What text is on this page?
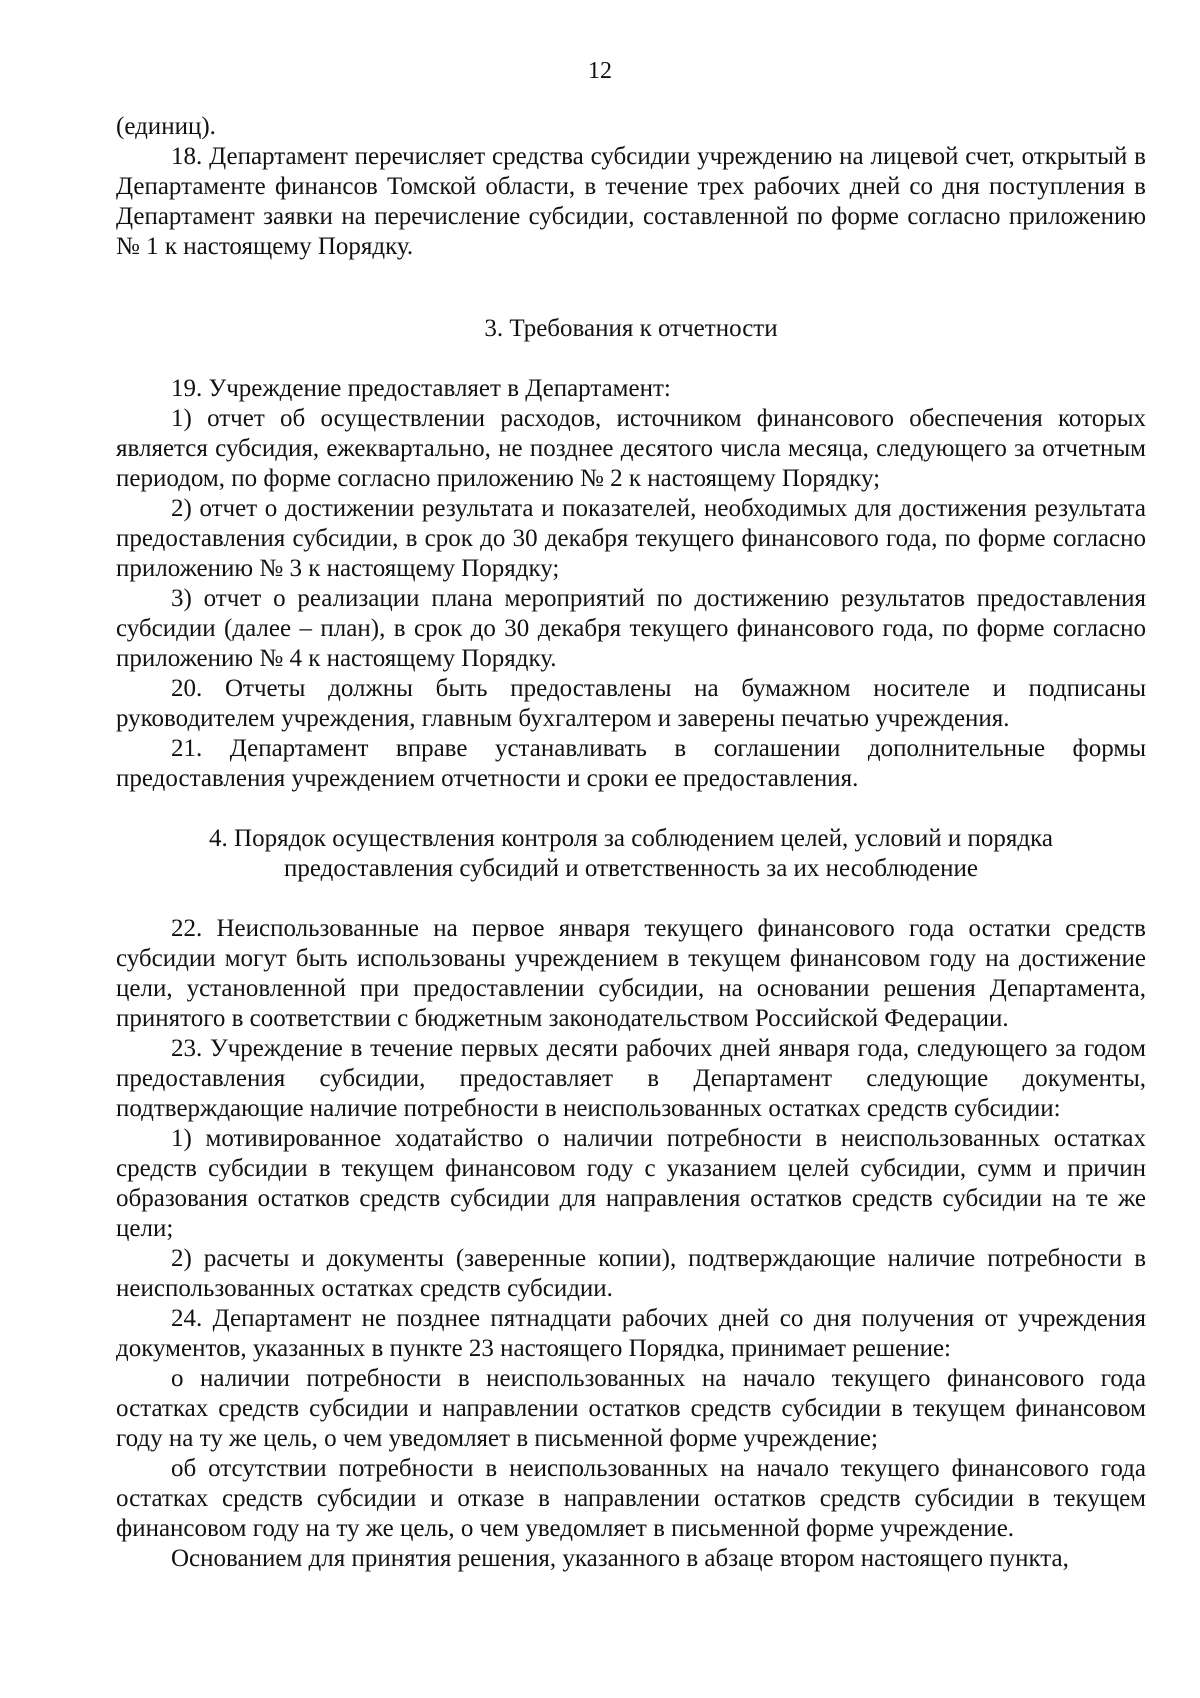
12

(единиц).

18. Департамент перечисляет средства субсидии учреждению на лицевой счет, открытый в Департаменте финансов Томской области, в течение трех рабочих дней со дня поступления в Департамент заявки на перечисление субсидии, составленной по форме согласно приложению № 1 к настоящему Порядку.

3. Требования к отчетности

19. Учреждение предоставляет в Департамент:

1) отчет об осуществлении расходов, источником финансового обеспечения которых является субсидия, ежеквартально, не позднее десятого числа месяца, следующего за отчетным периодом, по форме согласно приложению № 2 к настоящему Порядку;

2) отчет о достижении результата и показателей, необходимых для достижения результата предоставления субсидии, в срок до 30 декабря текущего финансового года, по форме согласно приложению № 3 к настоящему Порядку;

3) отчет о реализации плана мероприятий по достижению результатов предоставления субсидии (далее – план), в срок до 30 декабря текущего финансового года, по форме согласно приложению № 4 к настоящему Порядку.

20. Отчеты должны быть предоставлены на бумажном носителе и подписаны руководителем учреждения, главным бухгалтером и заверены печатью учреждения.

21. Департамент вправе устанавливать в соглашении дополнительные формы предоставления учреждением отчетности и сроки ее предоставления.

4. Порядок осуществления контроля за соблюдением целей, условий и порядка

предоставления субсидий и ответственность за их несоблюдение

22. Неиспользованные на первое января текущего финансового года остатки средств субсидии могут быть использованы учреждением в текущем финансовом году на достижение цели, установленной при предоставлении субсидии, на основании решения Департамента, принятого в соответствии с бюджетным законодательством Российской Федерации.

23. Учреждение в течение первых десяти рабочих дней января года, следующего за годом предоставления субсидии, предоставляет в Департамент следующие документы, подтверждающие наличие потребности в неиспользованных остатках средств субсидии:

1) мотивированное ходатайство о наличии потребности в неиспользованных остатках средств субсидии в текущем финансовом году с указанием целей субсидии, сумм и причин образования остатков средств субсидии для направления остатков средств субсидии на те же цели;

2) расчеты и документы (заверенные копии), подтверждающие наличие потребности в неиспользованных остатках средств субсидии.

24. Департамент не позднее пятнадцати рабочих дней со дня получения от учреждения документов, указанных в пункте 23 настоящего Порядка, принимает решение:

о наличии потребности в неиспользованных на начало текущего финансового года остатках средств субсидии и направлении остатков средств субсидии в текущем финансовом году на ту же цель, о чем уведомляет в письменной форме учреждение;

об отсутствии потребности в неиспользованных на начало текущего финансового года остатках средств субсидии и отказе в направлении остатков средств субсидии в текущем финансовом году на ту же цель, о чем уведомляет в письменной форме учреждение.

Основанием для принятия решения, указанного в абзаце втором настоящего пункта,
